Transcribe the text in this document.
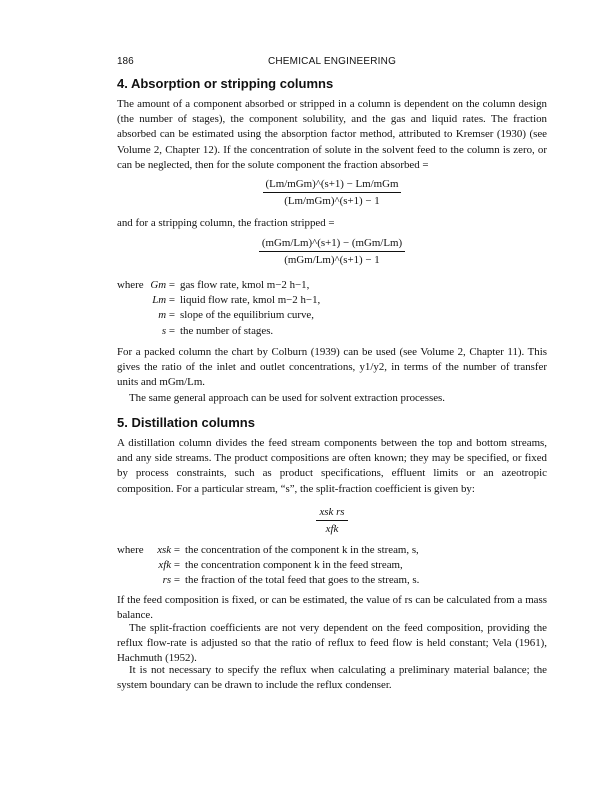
186	CHEMICAL ENGINEERING
4. Absorption or stripping columns

The amount of a component absorbed or stripped in a column is dependent on the column design (the number of stages), the component solubility, and the gas and liquid rates. The fraction absorbed can be estimated using the absorption factor method, attributed to Kremser (1930) (see Volume 2, Chapter 12). If the concentration of solute in the solvent feed to the column is zero, or can be neglected, then for the solute component the fraction absorbed =

$\frac{\text{(Lm/mGm)\textasciicircum{}(s+1) − Lm/mGm}}{\text{(Lm/mGm)\textasciicircum{}(s+1) − 1}}$

and for a stripping column, the fraction stripped =

$\frac{\text{(mGm/Lm)\textasciicircum{}(s+1) − (mGm/Lm)}}{\text{(mGm/Lm)\textasciicircum{}(s+1) − 1}}$
where Gm = gas flow rate, kmol m−2 h−1,
Lm = liquid flow rate, kmol m−2 h−1,
m = slope of the equilibrium curve,
s = the number of stages.

For a packed column the chart by Colburn (1939) can be used (see Volume 2, Chapter 11). This gives the ratio of the inlet and outlet concentrations, y1/y2, in terms of the number of transfer units and mGm/Lm.

The same general approach can be used for solvent extraction processes.

5. Distillation columns

A distillation column divides the feed stream components between the top and bottom streams, and any side streams. The product compositions are often known; they may be specified, or fixed by process constraints, such as product specifications, effluent limits or an azeotropic composition. For a particular stream, “s”, the split-fraction coefficient is given by:

$\frac{\text{xsk rs}}{\text{xfk}}$
where	xsk = the concentration of the component k in the stream, s,
xfk = the concentration component k in the feed stream,
rs = the fraction of the total feed that goes to the stream, s.

If the feed composition is fixed, or can be estimated, the value of rs can be calculated from a mass balance.

The split-fraction coefficients are not very dependent on the feed composition, providing the reflux flow-rate is adjusted so that the ratio of reflux to feed flow is held constant; Vela (1961), Hachmuth (1952).

It is not necessary to specify the reflux when calculating a preliminary material balance; the system boundary can be drawn to include the reflux condenser.
